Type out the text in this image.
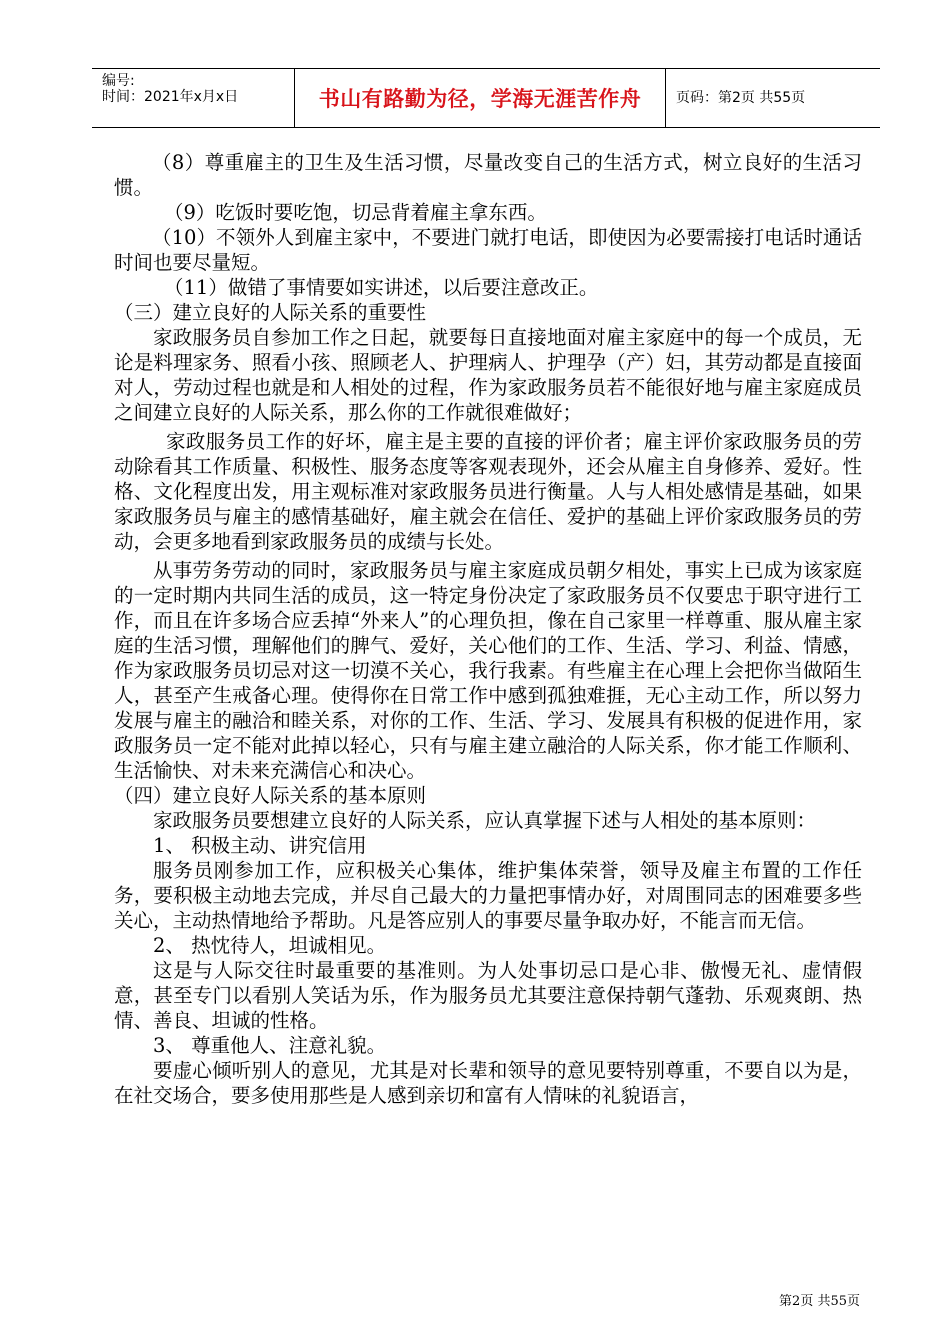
编号:
时间：2021年x月x日	书山有路勤为径，学海无涯苦作舟 页码：第2页 共55页

（8）尊重雇主的卫生及生活习惯，尽量改变自己的生活方式，树立良好的生活习惯。

（9）吃饭时要吃饱，切忌背着雇主拿东西。

（10）不领外人到雇主家中，不要进门就打电话，即使因为必要需接打电话时通话时间也要尽量短。

（11）做错了事情要如实讲述，以后要注意改正。

（三）建立良好的人际关系的重要性

家政服务员自参加工作之日起，就要每日直接地面对雇主家庭中的每一个成员，无论是料理家务、照看小孩、照顾老人、护理病人、护理孕（产）妇，其劳动都是直接面对人，劳动过程也就是和人相处的过程，作为家政服务员若不能很好地与雇主家庭成员之间建立良好的人际关系，那么你的工作就很难做好；

家政服务员工作的好坏，雇主是主要的直接的评价者；雇主评价家政服务员的劳动除看其工作质量、积极性、服务态度等客观表现外，还会从雇主自身修养、爱好。性格、文化程度出发，用主观标准对家政服务员进行衡量。人与人相处感情是基础，如果家政服务员与雇主的感情基础好，雇主就会在信任、爱护的基础上评价家政服务员的劳动，会更多地看到家政服务员的成绩与长处。

从事劳务劳动的同时，家政服务员与雇主家庭成员朝夕相处，事实上已成为该家庭的一定时期内共同生活的成员，这一特定身份决定了家政服务员不仅要忠于职守进行工作，而且在许多场合应丢掉“外来人”的心理负担，像在自己家里一样尊重、服从雇主家庭的生活习惯，理解他们的脾气、爱好，关心他们的工作、生活、学习、利益、情感，作为家政服务员切忌对这一切漠不关心，我行我素。有些雇主在心理上会把你当做陌生人，甚至产生戒备心理。使得你在日常工作中感到孤独难捱，无心主动工作，所以努力发展与雇主的融洽和睦关系，对你的工作、生活、学习、发展具有积极的促进作用，家政服务员一定不能对此掉以轻心，只有与雇主建立融洽的人际关系，你才能工作顺利、生活愉快、对未来充满信心和决心。

（四）建立良好人际关系的基本原则

家政服务员要想建立良好的人际关系，应认真掌握下述与人相处的基本原则：

1、 积极主动、讲究信用

服务员刚参加工作，应积极关心集体，维护集体荣誉，领导及雇主布置的工作任务，要积极主动地去完成，并尽自己最大的力量把事情办好，对周围同志的困难要多些关心，主动热情地给予帮助。凡是答应别人的事要尽量争取办好，不能言而无信。

2、 热忱待人，坦诚相见。

这是与人际交往时最重要的基准则。为人处事切忌口是心非、傲慢无礼、虚情假意，甚至专门以看别人笑话为乐，作为服务员尤其要注意保持朝气蓬勃、乐观爽朗、热情、善良、坦诚的性格。

3、 尊重他人、注意礼貌。

要虚心倾听别人的意见，尤其是对长辈和领导的意见要特别尊重，不要自以为是，在社交场合，要多使用那些是人感到亲切和富有人情味的礼貌语言，

第2页 共55页
